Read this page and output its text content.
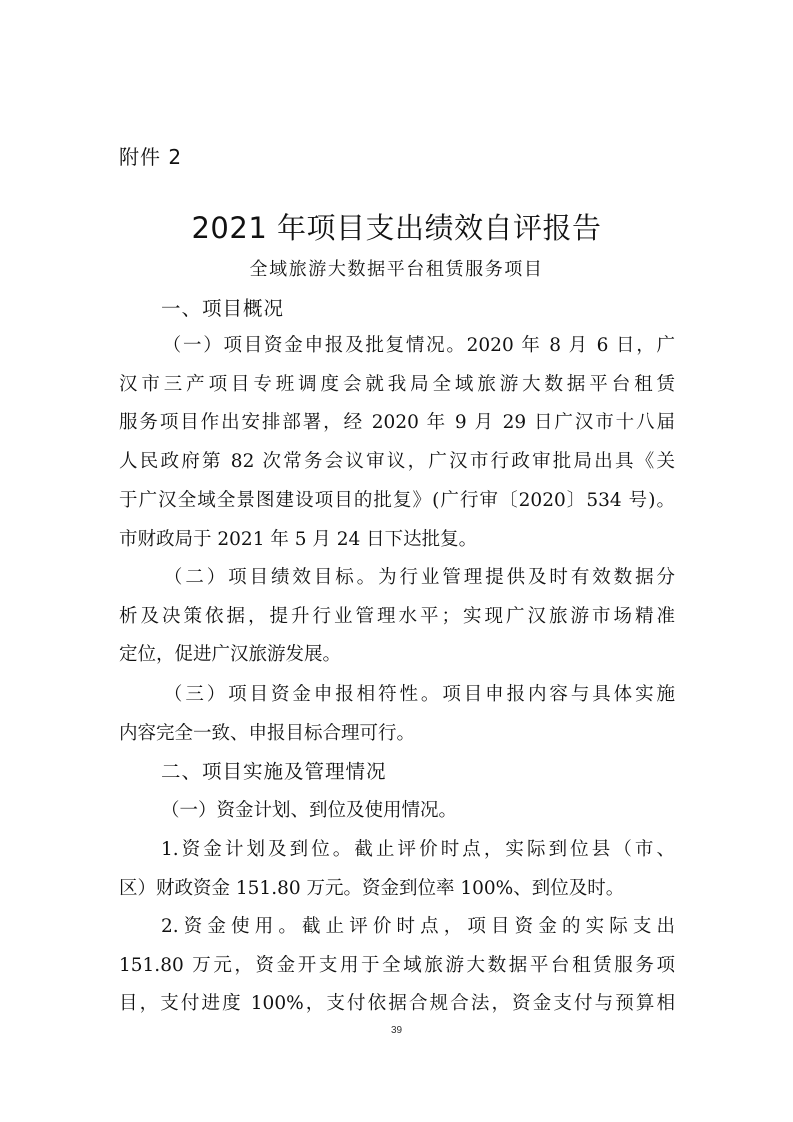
附件 2
2021 年项目支出绩效自评报告
全域旅游大数据平台租赁服务项目
一、项目概况
（一）项目资金申报及批复情况。2020 年 8 月 6 日，广
汉市三产项目专班调度会就我局全域旅游大数据平台租赁
服务项目作出安排部署，经 2020 年 9 月 29 日广汉市十八届
人民政府第 82 次常务会议审议，广汉市行政审批局出具《关
于广汉全域全景图建设项目的批复》(广行审〔2020〕534 号)。
市财政局于 2021 年 5 月 24 日下达批复。
（二）项目绩效目标。为行业管理提供及时有效数据分
析及决策依据，提升行业管理水平；实现广汉旅游市场精准
定位，促进广汉旅游发展。
（三）项目资金申报相符性。项目申报内容与具体实施
内容完全一致、申报目标合理可行。
二、项目实施及管理情况
（一）资金计划、到位及使用情况。
1.资金计划及到位。截止评价时点，实际到位县（市、
区）财政资金 151.80 万元。资金到位率 100%、到位及时。
2.资金使用。截止评价时点，项目资金的实际支出
151.80 万元，资金开支用于全域旅游大数据平台租赁服务项
目，支付进度 100%，支付依据合规合法，资金支付与预算相
39
